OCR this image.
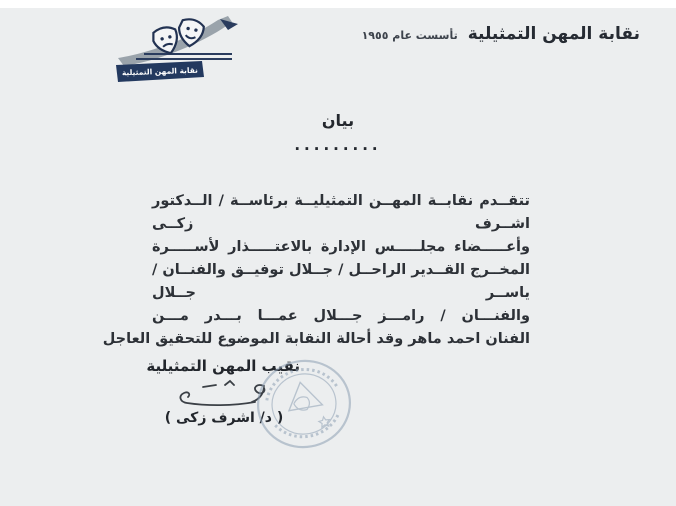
نقابة المهن التمثيلية
نقابة المهن التمثيلية
تأسست عام ١٩٥٥
بيان
.........
تتقــدم نقابــة المهــن التمثيليــة برئاســة / الــدكتور اشــرف زكــى
وأعـــــضاء مجلـــــس الإدارة بالاعتـــــذار لأســـــرة
المخــرج القــدير الراحــل / جــلال توفيــق والفنــان / ياســر جــلال
والفنـــان / رامـــز جـــلال عمـــا بـــدر مـــن
الفنان احمد ماهر وقد أحالة النقابة الموضوع للتحقيق العاجل
نقيب المهن التمثيلية
( د/ اشرف زكى )
